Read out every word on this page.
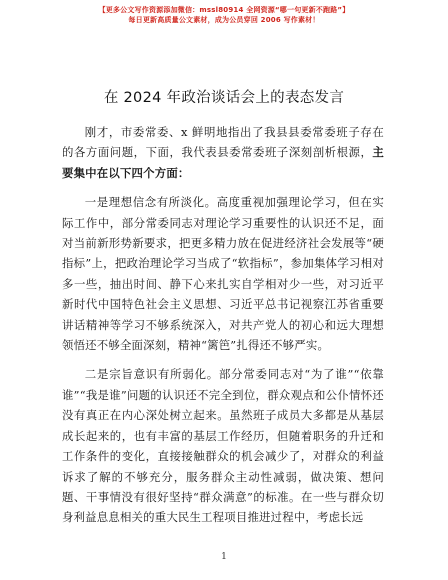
【更多公文写作资源添加微信：mssl80914 全网资源“哪一句更新不跑路”】
每日更新高质量公文素材，成为公员穿回 2006 写作素材！
在 2024 年政治谈话会上的表态发言

刚才，市委常委、x 鲜明地指出了我县县委常委班子存在的各方面问题，下面，我代表县委常委班子深刻剖析根源，主要集中在以下四个方面：

一是理想信念有所淡化。高度重视加强理论学习，但在实际工作中，部分常委同志对理论学习重要性的认识还不足，面对当前新形势新要求，把更多精力放在促进经济社会发展等“硬指标”上，把政治理论学习当成了“软指标”，参加集体学习相对多一些，抽出时间、静下心来扎实自学相对少一些，对习近平新时代中国特色社会主义思想、习近平总书记视察江苏省重要讲话精神等学习不够系统深入，对共产党人的初心和远大理想领悟还不够全面深刻，精神“篱笆”扎得还不够严实。

二是宗旨意识有所弱化。部分常委同志对“为了谁”“依靠谁”“我是谁”问题的认识还不完全到位，群众观点和公仆情怀还没有真正在内心深处树立起来。虽然班子成员大多都是从基层成长起来的，也有丰富的基层工作经历，但随着职务的升迁和工作条件的变化，直接接触群众的机会减少了，对群众的利益诉求了解的不够充分，服务群众主动性减弱，做决策、想问题、干事情没有很好坚持“群众满意”的标准。在一些与群众切身利益息息相关的重大民生工程项目推进过程中，考虑长远

1
